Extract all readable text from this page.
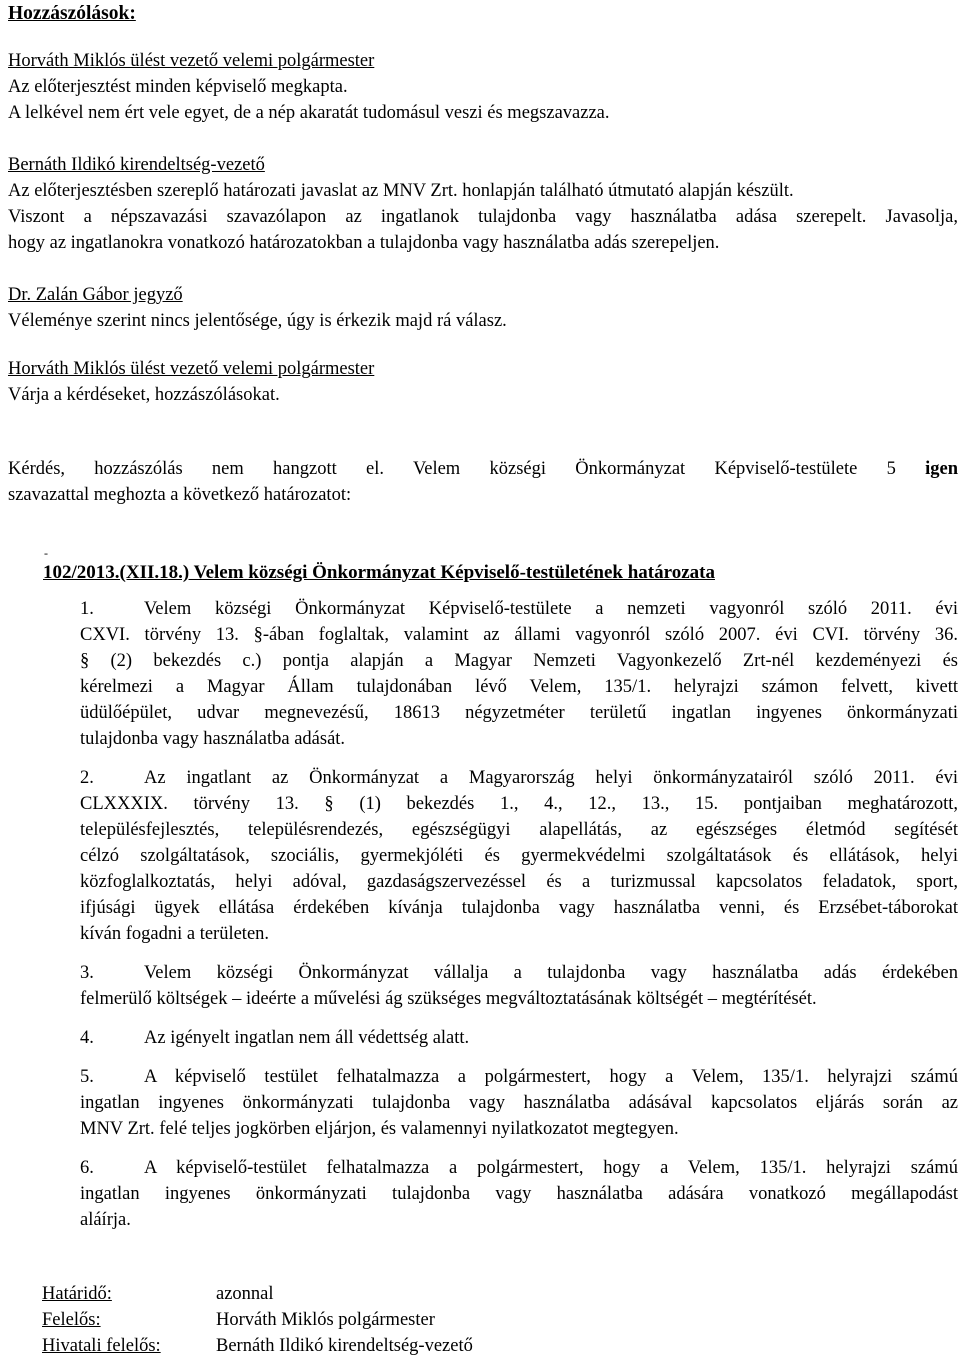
Hozzászólások:
Horváth Miklós ülést vezető velemi polgármester
Az előterjesztést minden képviselő megkapta.
A lelkével nem ért vele egyet, de a nép akaratát tudomásul veszi és megszavazza.
Bernáth Ildikó kirendeltség-vezető
Az előterjesztésben szereplő határozati javaslat az MNV Zrt. honlapján található útmutató alapján készült.
Viszont a népszavazási szavazólapon az ingatlanok tulajdonba vagy használatba adása szerepelt. Javasolja,
hogy az ingatlanokra vonatkozó határozatokban a tulajdonba vagy használatba adás szerepeljen.
Dr. Zalán Gábor jegyző
Véleménye szerint nincs jelentősége, úgy is érkezik majd rá válasz.
Horváth Miklós ülést vezető velemi polgármester
Várja a kérdéseket, hozzászólásokat.
Kérdés, hozzászólás nem hangzott el. Velem községi Önkormányzat Képviselő-testülete 5 igen
szavazattal meghozta a következő határozatot:
-
102/2013.(XII.18.) Velem községi Önkormányzat Képviselő-testületének határozata
1.	Velem községi Önkormányzat Képviselő-testülete a nemzeti vagyonról szóló 2011. évi
CXVI. törvény 13. §-ában foglaltak, valamint az állami vagyonról szóló 2007. évi CVI. törvény 36.
§ (2) bekezdés c.) pontja alapján a Magyar Nemzeti Vagyonkezelő Zrt-nél kezdeményezi és
kérelmezi a Magyar Állam tulajdonában lévő Velem, 135/1. helyrajzi számon felvett, kivett
üdülőépület, udvar megnevezésű, 18613 négyzetméter területű ingatlan ingyenes önkormányzati
tulajdonba vagy használatba adását.
2.	Az ingatlant az Önkormányzat a Magyarország helyi önkormányzatairól szóló 2011. évi
CLXXXIX. törvény 13. § (1) bekezdés 1., 4., 12., 13., 15. pontjaiban meghatározott,
településfejlesztés, településrendezés, egészségügyi alapellátás, az egészséges életmód segítését
célzó szolgáltatások, szociális, gyermekjóléti és gyermekvédelmi szolgáltatások és ellátások, helyi
közfoglalkoztatás, helyi adóval, gazdaságszervezéssel és a turizmussal kapcsolatos feladatok, sport,
ifjúsági ügyek ellátása érdekében kívánja tulajdonba vagy használatba venni, és Erzsébet-táborokat
kíván fogadni a területen.
3.	Velem községi Önkormányzat vállalja a tulajdonba vagy használatba adás érdekében
felmerülő költségek – ideérte a művelési ág szükséges megváltoztatásának költségét – megtérítését.
4.	Az igényelt ingatlan nem áll védettség alatt.
5.	A képviselő testület felhatalmazza a polgármestert, hogy a Velem, 135/1. helyrajzi számú
ingatlan ingyenes önkormányzati tulajdonba vagy használatba adásával kapcsolatos eljárás során az
MNV Zrt. felé teljes jogkörben eljárjon, és valamennyi nyilatkozatot megtegyen.
6.	A képviselő-testület felhatalmazza a polgármestert, hogy a Velem, 135/1. helyrajzi számú
ingatlan ingyenes önkormányzati tulajdonba vagy használatba adására vonatkozó megállapodást
aláírja.
Határidő:	azonnal
Felelős:	Horváth Miklós polgármester
Hivatali felelős:	Bernáth Ildikó kirendeltség-vezető
